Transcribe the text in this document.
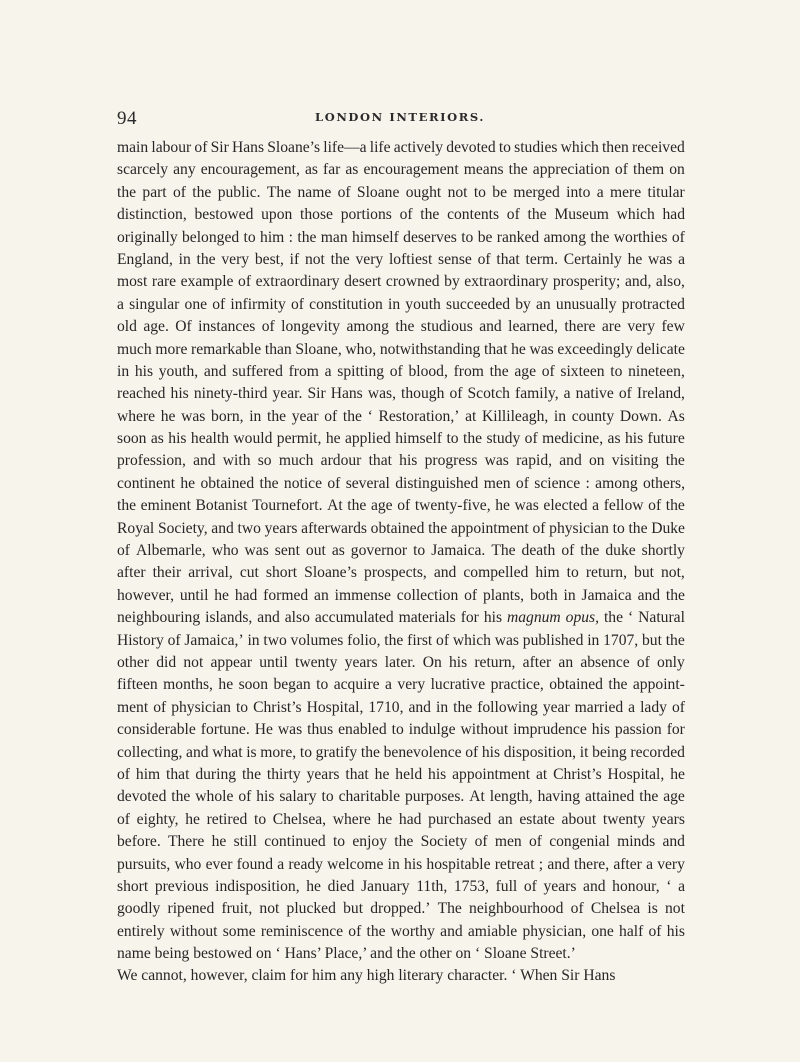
94	LONDON INTERIORS.
main labour of Sir Hans Sloane’s life—a life actively devoted to studies which then received
scarcely any encouragement, as far as encouragement means the appreciation of them on
the part of the public. The name of Sloane ought not to be merged into a mere titular
distinction, bestowed upon those portions of the contents of the Museum which had
originally belonged to him : the man himself deserves to be ranked among the worthies of
England, in the very best, if not the very loftiest sense of that term. Certainly he was a
most rare example of extraordinary desert crowned by extraordinary prosperity; and, also,
a singular one of infirmity of constitution in youth succeeded by an unusually protracted
old age. Of instances of longevity among the studious and learned, there are very few
much more remarkable than Sloane, who, notwithstanding that he was exceedingly delicate
in his youth, and suffered from a spitting of blood, from the age of sixteen to nineteen,
reached his ninety-third year. Sir Hans was, though of Scotch family, a native of Ireland,
where he was born, in the year of the ‘ Restoration,’ at Killileagh, in county Down. As
soon as his health would permit, he applied himself to the study of medicine, as his future
profession, and with so much ardour that his progress was rapid, and on visiting the
continent he obtained the notice of several distinguished men of science : among others,
the eminent Botanist Tournefort. At the age of twenty-five, he was elected a fellow of the
Royal Society, and two years afterwards obtained the appointment of physician to the Duke
of Albemarle, who was sent out as governor to Jamaica. The death of the duke shortly
after their arrival, cut short Sloane’s prospects, and compelled him to return, but not,
however, until he had formed an immense collection of plants, both in Jamaica and the
neighbouring islands, and also accumulated materials for his magnum opus, the ‘ Natural
History of Jamaica,’ in two volumes folio, the first of which was published in 1707, but the
other did not appear until twenty years later. On his return, after an absence of only
fifteen months, he soon began to acquire a very lucrative practice, obtained the appoint-
ment of physician to Christ’s Hospital, 1710, and in the following year married a lady of
considerable fortune. He was thus enabled to indulge without imprudence his passion for
collecting, and what is more, to gratify the benevolence of his disposition, it being recorded
of him that during the thirty years that he held his appointment at Christ’s Hospital, he
devoted the whole of his salary to charitable purposes. At length, having attained the age
of eighty, he retired to Chelsea, where he had purchased an estate about twenty years
before. There he still continued to enjoy the Society of men of congenial minds and
pursuits, who ever found a ready welcome in his hospitable retreat ; and there, after a very
short previous indisposition, he died January 11th, 1753, full of years and honour, ‘ a
goodly ripened fruit, not plucked but dropped.’ The neighbourhood of Chelsea is not
entirely without some reminiscence of the worthy and amiable physician, one half of his
name being bestowed on ‘ Hans’ Place,’ and the other on ‘ Sloane Street.’
We cannot, however, claim for him any high literary character. ‘ When Sir Hans
